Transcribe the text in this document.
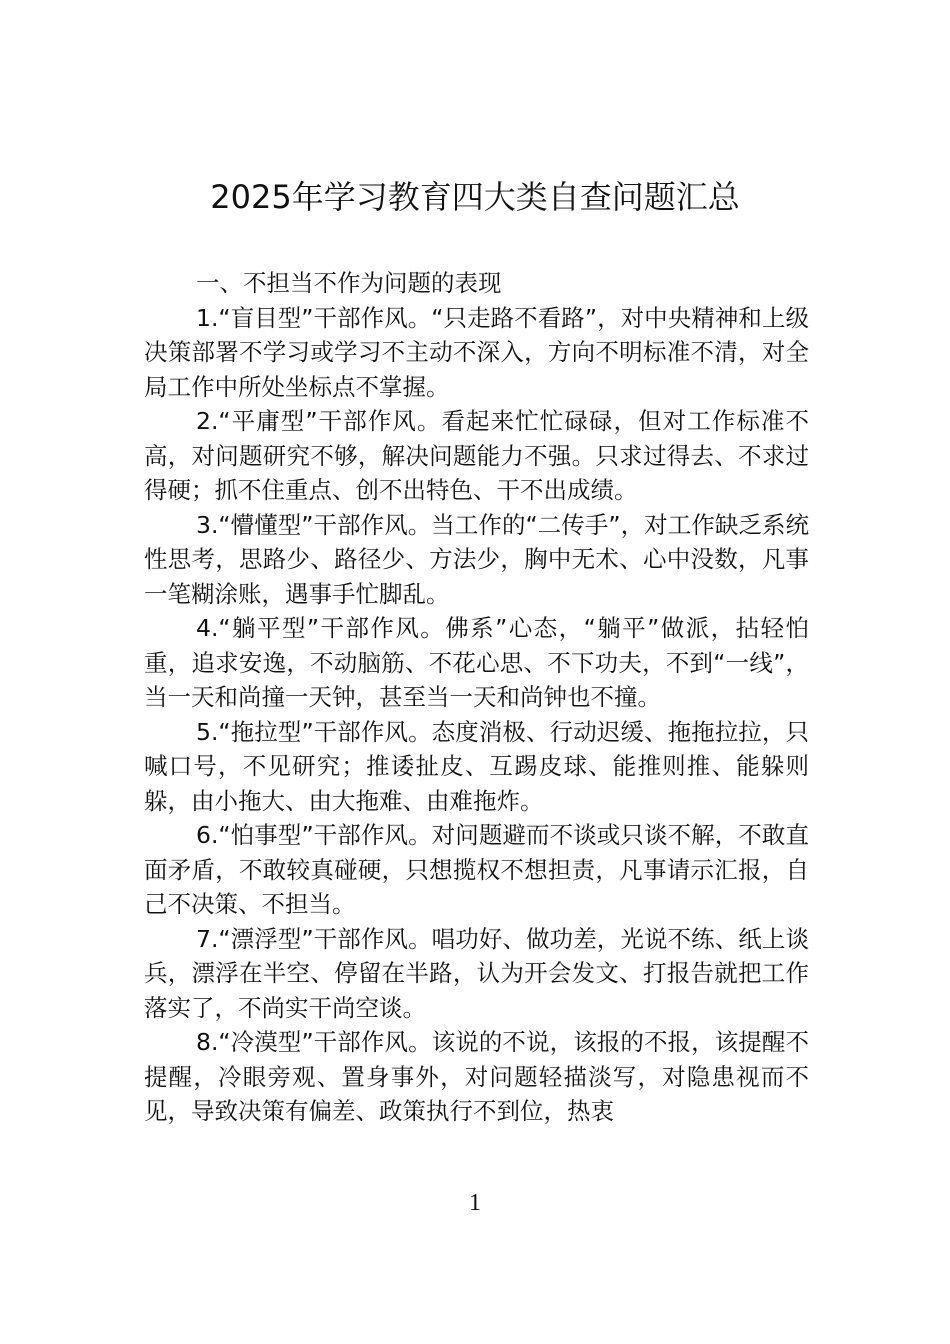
2025年学习教育四大类自查问题汇总

一、不担当不作为问题的表现

1.“盲目型”干部作风。“只走路不看路”，对中央精神和上级决策部署不学习或学习不主动不深入，方向不明标准不清，对全局工作中所处坐标点不掌握。

2.“平庸型”干部作风。看起来忙忙碌碌，但对工作标准不高，对问题研究不够，解决问题能力不强。只求过得去、不求过得硬；抓不住重点、创不出特色、干不出成绩。

3.“懵懂型”干部作风。当工作的“二传手”，对工作缺乏系统性思考，思路少、路径少、方法少，胸中无术、心中没数，凡事一笔糊涂账，遇事手忙脚乱。

4.“躺平型”干部作风。佛系”心态，“躺平”做派，拈轻怕重，追求安逸，不动脑筋、不花心思、不下功夫，不到“一线”，当一天和尚撞一天钟，甚至当一天和尚钟也不撞。

5.“拖拉型”干部作风。态度消极、行动迟缓、拖拖拉拉，只喊口号，不见研究；推诿扯皮、互踢皮球、能推则推、能躲则躲，由小拖大、由大拖难、由难拖炸。

6.“怕事型”干部作风。对问题避而不谈或只谈不解，不敢直面矛盾，不敢较真碰硬，只想揽权不想担责，凡事请示汇报，自己不决策、不担当。

7.“漂浮型”干部作风。唱功好、做功差，光说不练、纸上谈兵，漂浮在半空、停留在半路，认为开会发文、打报告就把工作落实了，不尚实干尚空谈。

8.“冷漠型”干部作风。该说的不说，该报的不报，该提醒不提醒，冷眼旁观、置身事外，对问题轻描淡写，对隐患视而不见，导致决策有偏差、政策执行不到位，热衷

1
